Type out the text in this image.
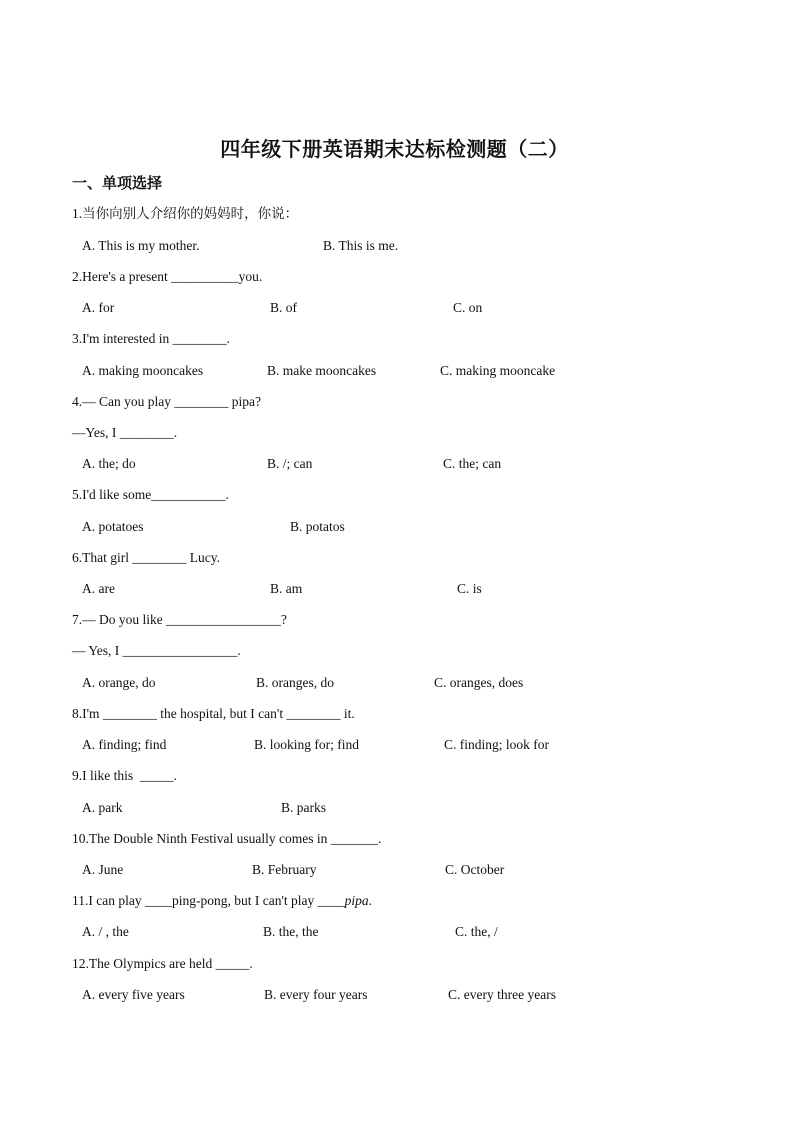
四年级下册英语期末达标检测题（二）
一、单项选择
1.当你向别人介绍你的妈妈时，你说：
A. This is my mother.	B. This is me.
2.Here's a present __________you.
A. for	B. of	C. on
3.I'm interested in ________.
A. making mooncakes	B. make mooncakes	C. making mooncake
4.— Can you play ________ pipa?
—Yes, I ________.
A. the; do	B. /; can	C. the; can
5.I'd like some___________.
A. potatoes	B. potatos
6.That girl ________ Lucy.
A. are	B. am	C. is
7.— Do you like _________________?
— Yes, I _________________.
A. orange, do	B. oranges, do	C. oranges, does
8.I'm ________ the hospital, but I can't ________ it.
A. finding; find	B. looking for; find	C. finding; look for
9.I like this  _____.
A. park	B. parks
10.The Double Ninth Festival usually comes in _______.
A. June	B. February	C. October
11.I can play ____ping-pong, but I can't play ____pipa.
A. / , the	B. the, the	C. the, /
12.The Olympics are held _____.
A. every five years	B. every four years	C. every three years
